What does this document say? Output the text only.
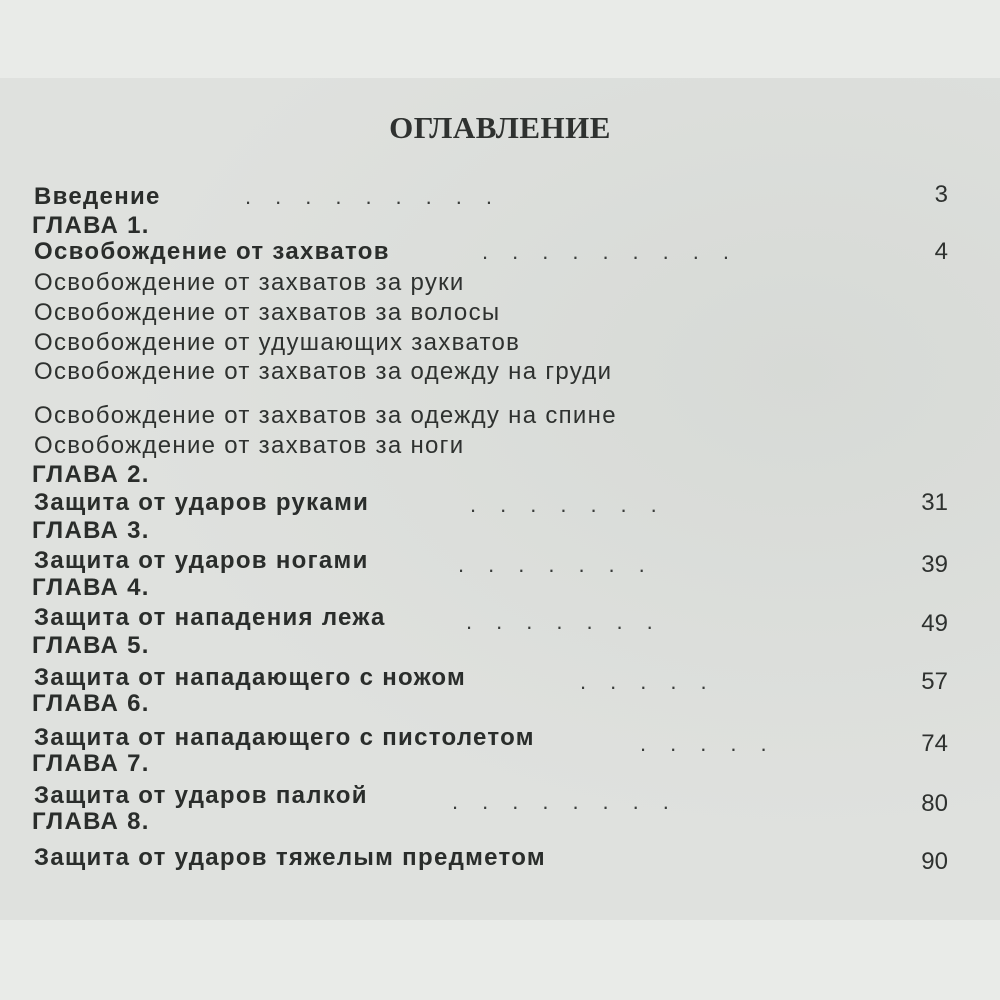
ОГЛАВЛЕНИЕ
Введение	.........	3
ГЛАВА 1.
Освобождение от захватов	.........	4
Освобождение от захватов за руки
Освобождение от захватов за волосы
Освобождение от удушающих захватов
Освобождение от захватов за одежду на груди
Освобождение от захватов за одежду на спине
Освобождение от захватов за ноги
ГЛАВА 2.
Защита от ударов руками	.......	31
ГЛАВА 3.
Защита от ударов ногами	.......	39
ГЛАВА 4.
Защита от нападения лежа	.......	49
ГЛАВА 5.
Защита от нападающего с ножом	.....	57
ГЛАВА 6.
Защита от нападающего с пистолетом	.....	74
ГЛАВА 7.
Защита от ударов палкой	........	80
ГЛАВА 8.
Защита от ударов тяжелым предметом	90
